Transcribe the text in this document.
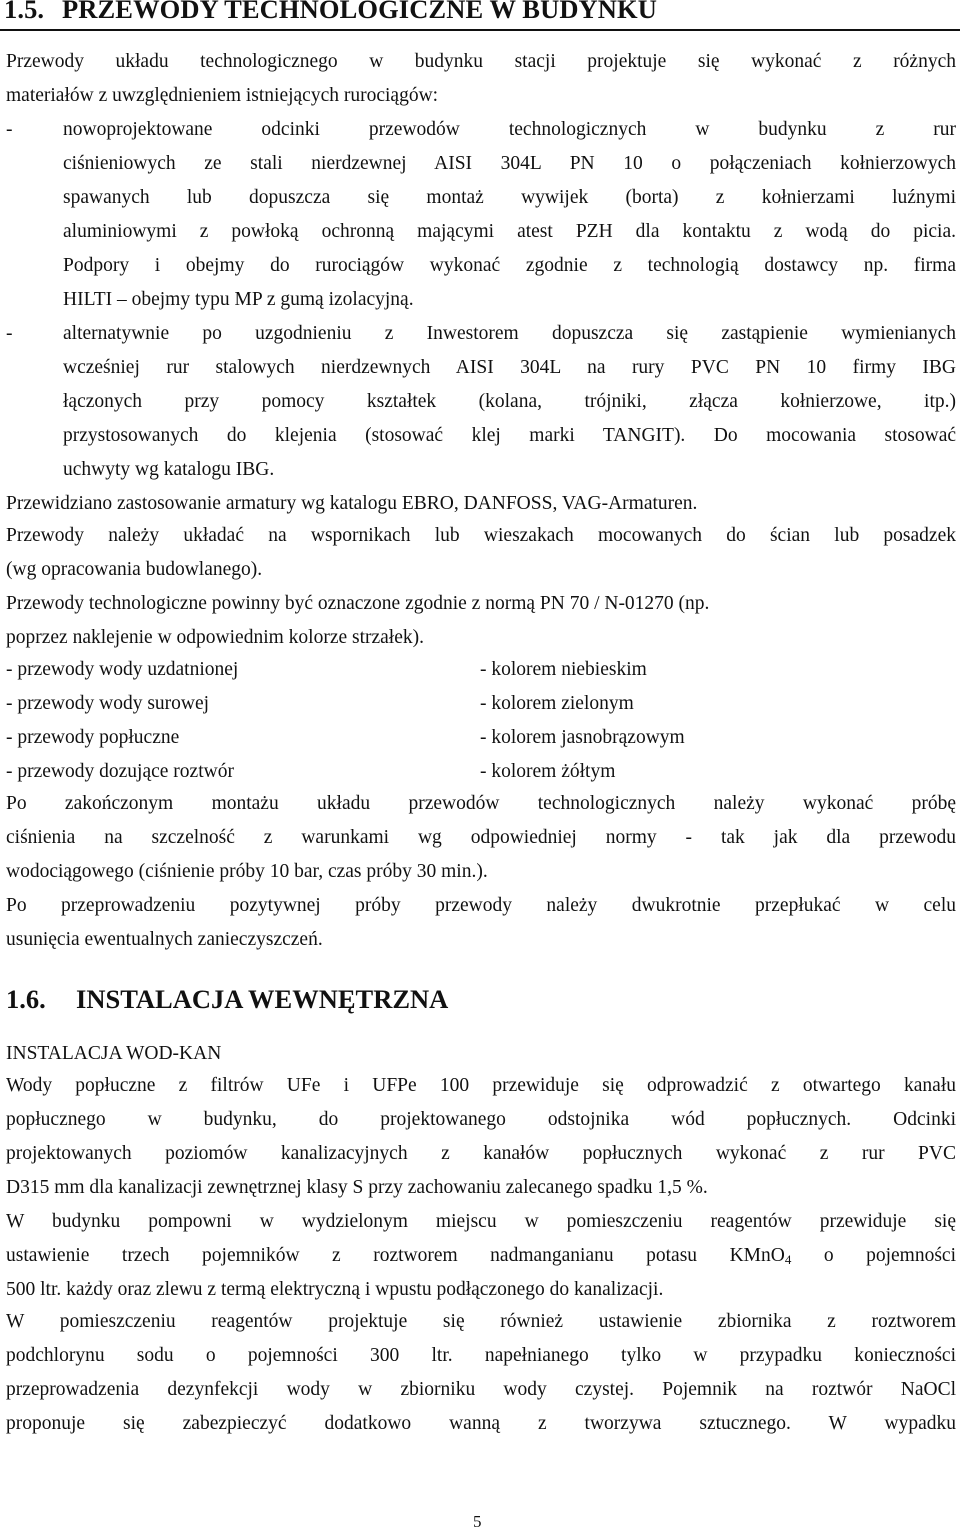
1.5. PRZEWODY TECHNOLOGICZNE W BUDYNKU
Przewody układu technologicznego w budynku stacji projektuje się wykonać z różnych
materiałów z uwzględnieniem istniejących rurociągów:
-	nowoprojektowane odcinki przewodów technologicznych w budynku z rur
ciśnieniowych ze stali nierdzewnej AISI 304L PN 10 o połączeniach kołnierzowych
spawanych lub dopuszcza się montaż wywijek (borta) z kołnierzami luźnymi
aluminiowymi z powłoką ochronną mającymi atest PZH dla kontaktu z wodą do picia.
Podpory i obejmy do rurociągów wykonać zgodnie z technologią dostawcy np. firma
HILTI – obejmy typu MP z gumą izolacyjną.
-	alternatywnie po uzgodnieniu z Inwestorem dopuszcza się zastąpienie wymienianych
wcześniej rur stalowych nierdzewnych AISI 304L na rury PVC PN 10 firmy IBG
łączonych przy pomocy kształtek (kolana, trójniki, złącza kołnierzowe, itp.)
przystosowanych do klejenia (stosować klej marki TANGIT). Do mocowania stosować
uchwyty wg katalogu IBG.
Przewidziano zastosowanie armatury wg katalogu EBRO, DANFOSS, VAG-Armaturen.
Przewody należy układać na wspornikach lub wieszakach mocowanych do ścian lub posadzek
(wg opracowania budowlanego).
Przewody technologiczne powinny być oznaczone zgodnie z normą PN 70 / N-01270 (np.
poprzez naklejenie w odpowiednim kolorze strzałek).
- przewody wody uzdatnionej
- przewody wody surowej
- przewody popłuczne
- przewody dozujące roztwór
- kolorem niebieskim
- kolorem zielonym
- kolorem jasnobrązowym
- kolorem żółtym
Po zakończonym montażu układu przewodów technologicznych należy wykonać próbę
ciśnienia na szczelność z warunkami wg odpowiedniej normy - tak jak dla przewodu
wodociągowego (ciśnienie próby 10 bar, czas próby 30 min.).
Po przeprowadzeniu pozytywnej próby przewody należy dwukrotnie przepłukać w celu
usunięcia ewentualnych zanieczyszczeń.
1.6. INSTALACJA WEWNĘTRZNA
INSTALACJA WOD-KAN
Wody popłuczne z filtrów UFe i UFPe 100 przewiduje się odprowadzić z otwartego kanału
popłucznego w budynku, do projektowanego odstojnika wód popłucznych. Odcinki
projektowanych poziomów kanalizacyjnych z kanałów popłucznych wykonać z rur PVC
D315 mm dla kanalizacji zewnętrznej klasy S przy zachowaniu zalecanego spadku 1,5 %.
W budynku pompowni w wydzielonym miejscu w pomieszczeniu reagentów przewiduje się
ustawienie trzech pojemników z roztworem nadmanganianu potasu KMnO$_4$ o pojemności
500 ltr. każdy oraz zlewu z termą elektryczną i wpustu podłączonego do kanalizacji.
W pomieszczeniu reagentów projektuje się również ustawienie zbiornika z roztworem
podchlorynu sodu o pojemności 300 ltr. napełnianego tylko w przypadku konieczności
przeprowadzenia dezynfekcji wody w zbiorniku wody czystej. Pojemnik na roztwór NaOCl
proponuje się zabezpieczyć dodatkowo wanną z tworzywa sztucznego. W wypadku
5
